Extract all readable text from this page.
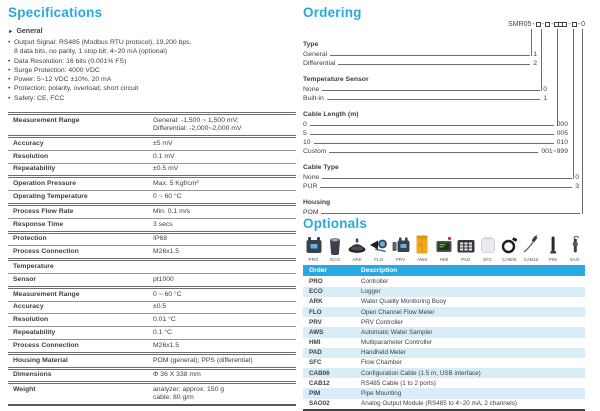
Specifications
► General
• Output Signal: RS485 (Modbus RTU protocol), 19,200 bps,
8 data bits, no parity, 1 stop bit; 4~20 mA (optional)
• Data Resolution: 16 bits (0.001% FS)
• Surge Protection: 4000 VDC
• Power: 5~12 VDC ±10%, 20 mA
• Protection: polarity, overload, short circuit
• Safety: CE, FCC
Measurement Range	General: -1,500 ~ 1,500 mV;
Differential: -2,000~2,000 mV
Accuracy	±5 mV
Resolution	0.1 mV
Repeatability	±0.5 mV
Operation Pressure	Max. 5 Kgf/cm²
Operating Temperature	0 ~ 60 °C
Process Flow Rate	Min. 0.1 m/s
Response Time	3 secs
Protection	IP68
Process Connection	M26x1.5
Temperature
Sensor	pt1000
Measurement Range	0 ~ 60 °C
Accuracy	±0.5
Resolution	0.01 °C
Repeatability	0.1 °C
Process Connection	M26x1.5
Housing Material	POM (general); PPS (differential)
Dimensions	Φ 36 X 338 mm
Weight	analyzer: approx. 150 g
cable: 80 g/m
Ordering
SMR05 - - - - - 0
Type
General	1
Differential	2
Temperature Sensor
None	0
Built-in	1
Cable Length (m)
0	000
5	005
10	010
Custom	001~999
Cable Type
None	0
PUR	3
Housing
POM
Optionals
PRO	ECO	ARK	FLO	PRV	AWS	HMI	PAD	SFC CAB06 CAB12 PIM	SAO
Order	Description
PRO	Controller
ECO	Logger
ARK	Water Quality Monitoring Buoy
FLO	Open Channel Flow Meter
PRV	PRV Controller
AWS	Automatic Water Sampler
HMI	Multiparameter Controller
PAD	Handheld Meter
SFC	Flow Chamber
CAB06	Configuration Cable (1.5 m, USB interface)
CAB12	RS485 Cable (1 to 2 ports)
PIM	Pipe Mounting
SAO02	Analog Output Module (RS485 to 4~20 mA, 2 channels)
